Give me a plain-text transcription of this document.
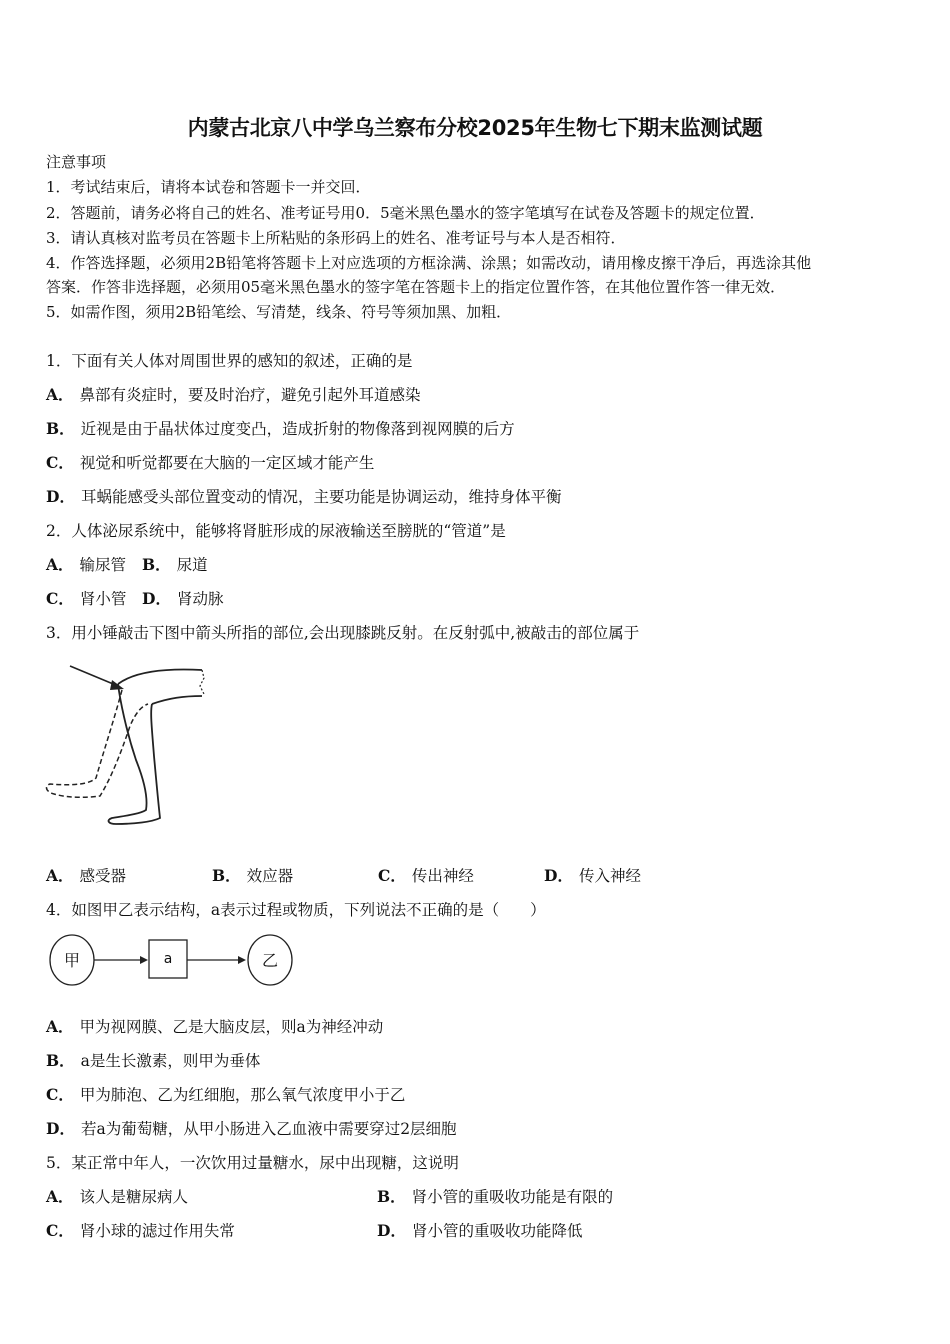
内蒙古北京八中学乌兰察布分校2025年生物七下期末监测试题
注意事项
1．考试结束后，请将本试卷和答题卡一并交回．
2．答题前，请务必将自己的姓名、准考证号用0．5毫米黑色墨水的签字笔填写在试卷及答题卡的规定位置．
3．请认真核对监考员在答题卡上所粘贴的条形码上的姓名、准考证号与本人是否相符．
4．作答选择题，必须用2B铅笔将答题卡上对应选项的方框涂满、涂黑；如需改动，请用橡皮擦干净后，再选涂其他
答案．作答非选择题，必须用05毫米黑色墨水的签字笔在答题卡上的指定位置作答，在其他位置作答一律无效．
5．如需作图，须用2B铅笔绘、写清楚，线条、符号等须加黑、加粗．
1．下面有关人体对周围世界的感知的叙述，正确的是
A． 鼻部有炎症时，要及时治疗，避免引起外耳道感染
B． 近视是由于晶状体过度变凸，造成折射的物像落到视网膜的后方
C． 视觉和听觉都要在大脑的一定区域才能产生
D． 耳蜗能感受头部位置变动的情况，主要功能是协调运动，维持身体平衡
2．人体泌尿系统中，能够将肾脏形成的尿液输送至膀胱的“管道”是
A． 输尿管 B． 尿道
C． 肾小管 D． 肾动脉
3．用小锤敲击下图中箭头所指的部位,会出现膝跳反射。在反射弧中,被敲击的部位属于
A． 感受器	B． 效应器	C． 传出神经	D． 传入神经
4．如图甲乙表示结构，a表示过程或物质，下列说法不正确的是（　　）
甲	a	乙
A． 甲为视网膜、乙是大脑皮层，则a为神经冲动
B． a是生长激素，则甲为垂体
C． 甲为肺泡、乙为红细胞，那么氧气浓度甲小于乙
D． 若a为葡萄糖，从甲小肠进入乙血液中需要穿过2层细胞
5．某正常中年人，一次饮用过量糖水，尿中出现糖，这说明
A． 该人是糖尿病人	B． 肾小管的重吸收功能是有限的
C． 肾小球的滤过作用失常	D． 肾小管的重吸收功能降低
